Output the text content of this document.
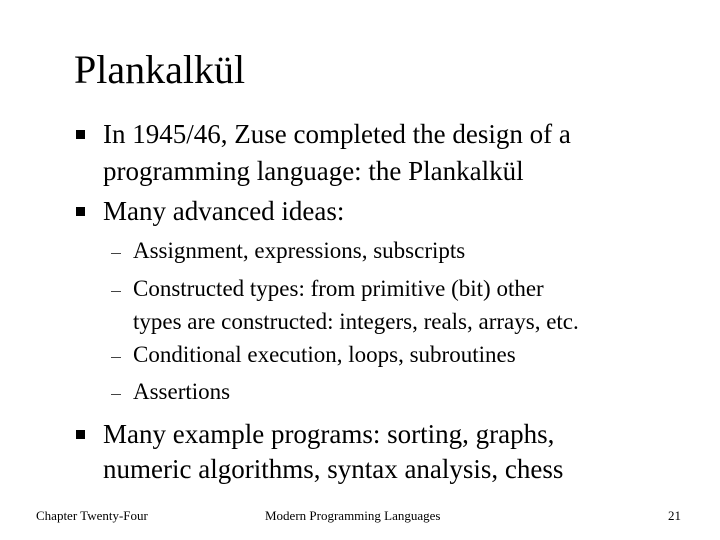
Plankalkül
In 1945/46, Zuse completed the design of a
programming language: the Plankalkül
Many advanced ideas:
Assignment, expressions, subscripts
Constructed types: from primitive (bit) other
types are constructed: integers, reals, arrays, etc.
Conditional execution, loops, subroutines
Assertions
Many example programs: sorting, graphs,
numeric algorithms, syntax analysis, chess
Chapter Twenty-Four	Modern Programming Languages	21
